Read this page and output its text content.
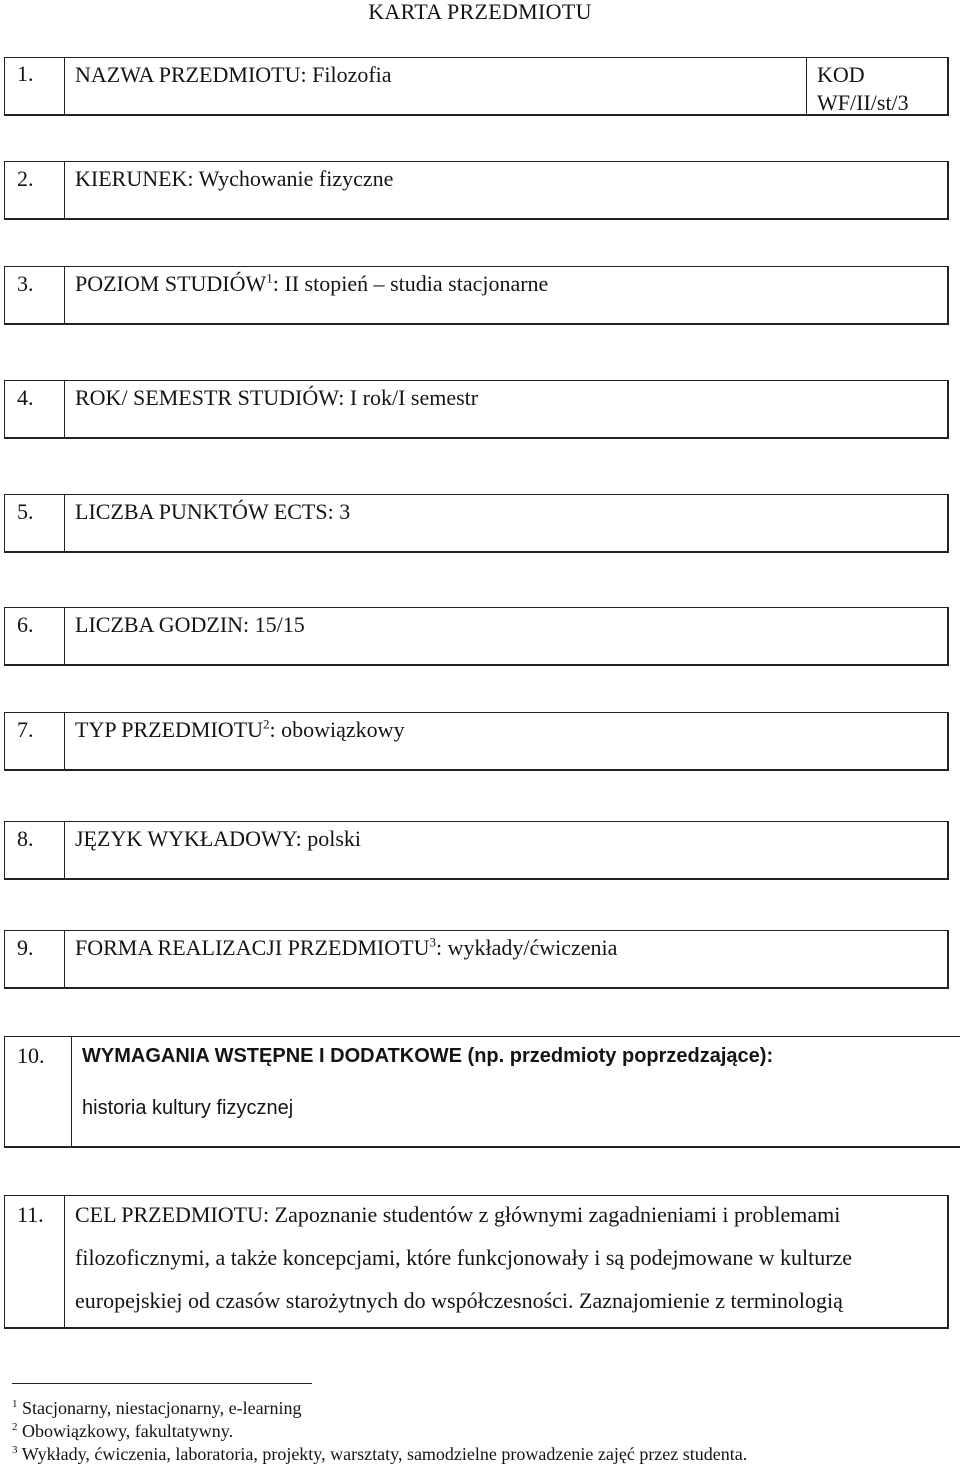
KARTA PRZEDMIOTU
1.	NAZWA PRZEDMIOTU: Filozofia	KOD
WF/II/st/3
2.	KIERUNEK: Wychowanie fizyczne
3.	POZIOM STUDIÓW$^1$: II stopień – studia stacjonarne
4.	ROK/ SEMESTR STUDIÓW: I rok/I semestr
5.	LICZBA PUNKTÓW ECTS: 3
6.	LICZBA GODZIN: 15/15
7.	TYP PRZEDMIOTU$^2$: obowiązkowy
8.	JĘZYK WYKŁADOWY: polski
9.	FORMA REALIZACJI PRZEDMIOTU$^3$: wykłady/ćwiczenia
10.	WYMAGANIA WSTĘPNE I DODATKOWE (np. przedmioty poprzedzające):
historia kultury fizycznej
11.	CEL PRZEDMIOTU: Zapoznanie studentów z głównymi zagadnieniami i problemami
filozoficznymi, a także koncepcjami, które funkcjonowały i są podejmowane w kulturze
europejskiej od czasów starożytnych do współczesności. Zaznajomienie z terminologią
$^1$ Stacjonarny, niestacjonarny, e-learning
$^2$ Obowiązkowy, fakultatywny.
$^3$ Wykłady, ćwiczenia, laboratoria, projekty, warsztaty, samodzielne prowadzenie zajęć przez studenta.
